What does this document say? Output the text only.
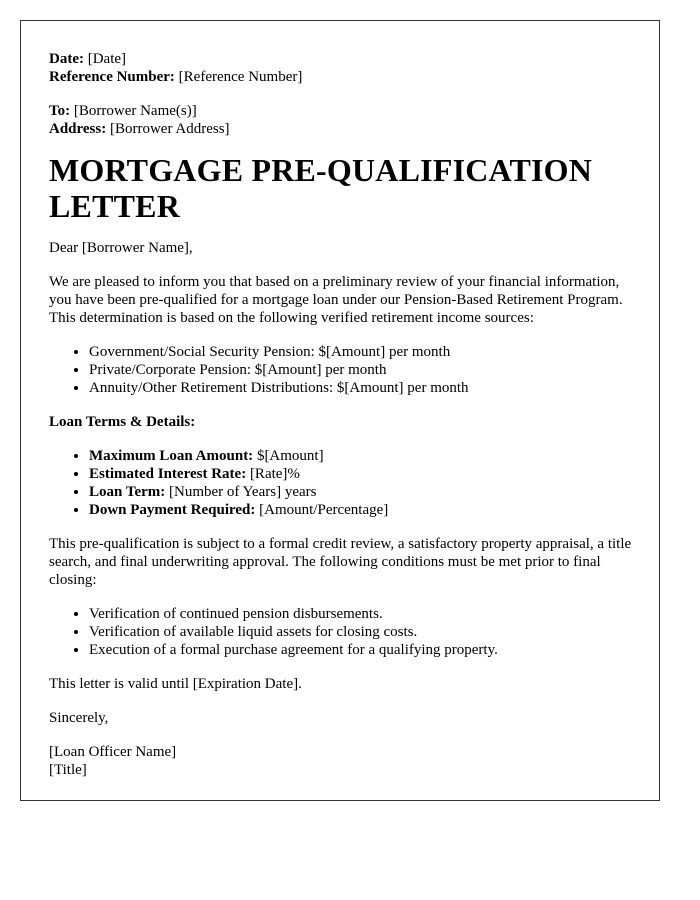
Date: [Date]
Reference Number: [Reference Number]
To: [Borrower Name(s)]
Address: [Borrower Address]
MORTGAGE PRE-QUALIFICATION LETTER

Dear [Borrower Name],

We are pleased to inform you that based on a preliminary review of your financial information, you have been pre-qualified for a mortgage loan under our Pension-Based Retirement Program. This determination is based on the following verified retirement income sources:

• Government/Social Security Pension: $[Amount] per month
• Private/Corporate Pension: $[Amount] per month
• Annuity/Other Retirement Distributions: $[Amount] per month

Loan Terms & Details:

• Maximum Loan Amount: $[Amount]
• Estimated Interest Rate: [Rate]%
• Loan Term: [Number of Years] years
• Down Payment Required: [Amount/Percentage]

This pre-qualification is subject to a formal credit review, a satisfactory property appraisal, a title search, and final underwriting approval. The following conditions must be met prior to final closing:

• Verification of continued pension disbursements.
• Verification of available liquid assets for closing costs.
• Execution of a formal purchase agreement for a qualifying property.

This letter is valid until [Expiration Date].

Sincerely,

[Loan Officer Name]
[Title]
